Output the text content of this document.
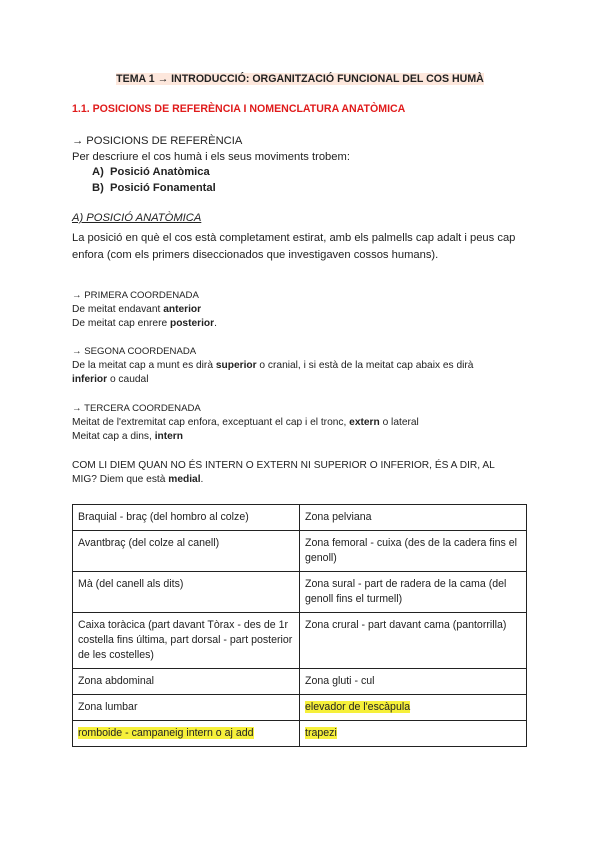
TEMA 1 → INTRODUCCIÓ: ORGANITZACIÓ FUNCIONAL DEL COS HUMÀ
1.1. POSICIONS DE REFERÈNCIA I NOMENCLATURA ANATÒMICA
→ POSICIONS DE REFERÈNCIA
Per descriure el cos humà i els seus moviments trobem:
A) Posició Anatòmica
B) Posició Fonamental
A) POSICIÓ ANATÒMICA
La posició en què el cos està completament estirat, amb els palmells cap adalt i peus cap enfora (com els primers diseccionados que investigaven cossos humans).
→ PRIMERA COORDENADA
De meitat endavant anterior
De meitat cap enrere posterior.
→ SEGONA COORDENADA
De la meitat cap a munt es dirà superior o cranial, i si està de la meitat cap abaix es dirà
inferior o caudal
→ TERCERA COORDENADA
Meitat de l'extremitat cap enfora, exceptuant el cap i el tronc, extern o lateral
Meitat cap a dins, intern
COM LI DIEM QUAN NO ÉS INTERN O EXTERN NI SUPERIOR O INFERIOR, ÉS A DIR, AL
MIG? Diem que està medial.
Braquial - braç (del hombro al colze)	Zona pelviana
Avantbraç (del colze al canell)	Zona femoral - cuixa (des de la cadera fins el genoll)
Mà (del canell als dits)	Zona sural - part de radera de la cama (del genoll fins el turmell)
Caixa toràcica (part davant Tòrax - des de 1r costella fins última, part dorsal - part posterior de les costelles)	Zona crural - part davant cama (pantorrilla)
Zona abdominal	Zona gluti - cul
Zona lumbar	elevador de l'escàpula
romboide - campaneig intern o aj add	trapezi
